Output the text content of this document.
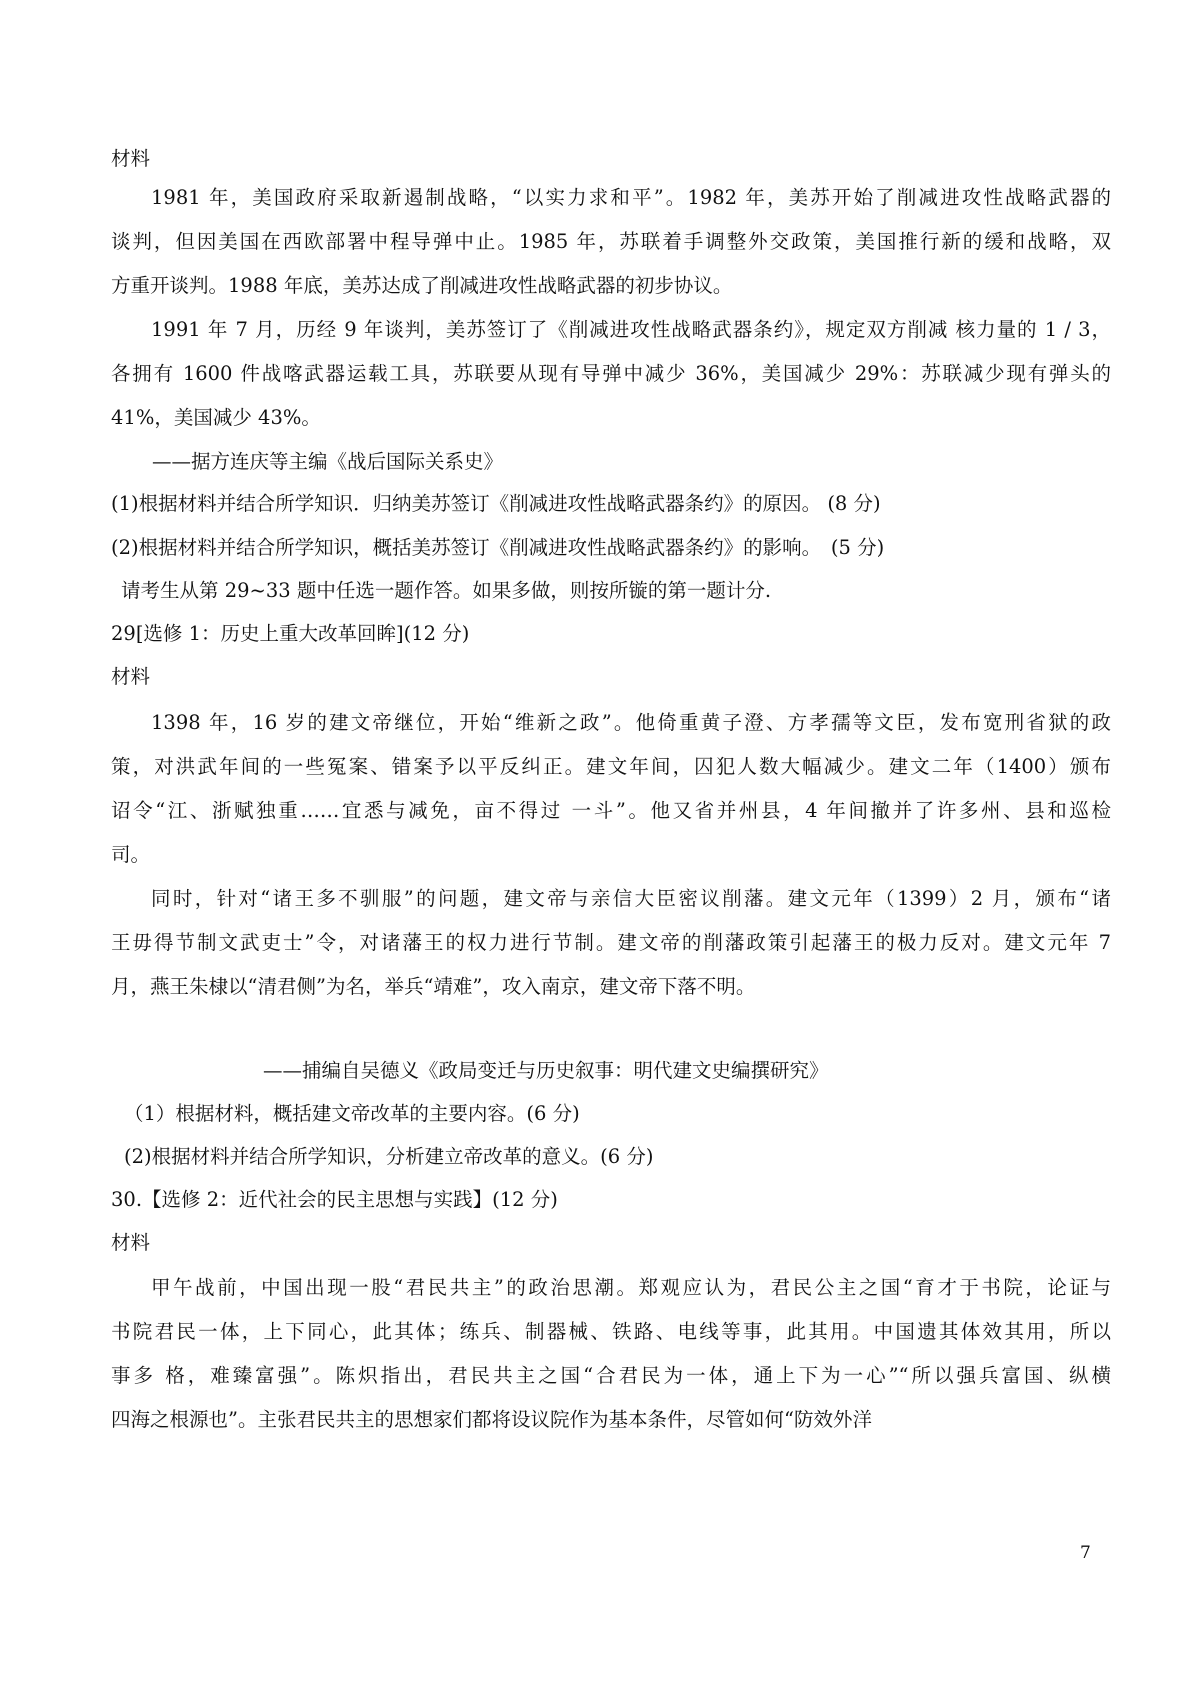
材料
1981 年，美国政府采取新遏制战略，“以实力求和平”。1982 年，美苏开始了削减进攻性战略武器的
谈判，但因美国在西欧部署中程导弹中止。1985 年，苏联着手调整外交政策，美国推行新的缓和战略，双
方重开谈判。1988 年底，美苏达成了削减进攻性战略武器的初步协议。
1991 年 7 月，历经 9 年谈判，美苏签订了《削减进攻性战略武器条约》，规定双方削减 核力量的 1 / 3，
各拥有 1600 件战喀武器运载工具，苏联要从现有导弹中减少 36%，美国减少 29%：苏联减少现有弹头的
41%，美国减少 43%。
——据方连庆等主编《战后国际关系史》
(1)根据材料并结合所学知识．归纳美苏签订《削减进攻性战略武器条约》的原因。 (8 分)
(2)根据材料并结合所学知识，概括美苏签订《削减进攻性战略武器条约》的影响。　(5 分)
请考生从第 29~33 题中任选一题作答。如果多做，则按所镟的第一题计分.
29[选修 1：历史上重大改革回眸](12 分)
材料
1398 年，16 岁的建文帝继位，开始“维新之政”。他倚重黄子澄、方孝孺等文臣，发布宽刑省狱的政
策，对洪武年间的一些冤案、错案予以平反纠正。建文年间，囚犯人数大幅减少。建文二年（1400）颁布
诏令“江、浙赋独重……宜悉与减免，亩不得过 一斗”。他又省并州县，4 年间撤并了许多州、县和巡检
司。
同时，针对“诸王多不驯服”的问题，建文帝与亲信大臣密议削藩。建文元年（1399）2 月，颁布“诸
王毋得节制文武吏士”令，对诸藩王的权力进行节制。建文帝的削藩政策引起藩王的极力反对。建文元年 7
月，燕王朱棣以“清君侧”为名，举兵“靖难”，攻入南京，建文帝下落不明。
——捕编自吴德义《政局变迁与历史叙事：明代建文史编撰研究》
（1）根据材料，概括建文帝改革的主要内容。(6 分)
(2)根据材料并结合所学知识，分析建立帝改革的意义。(6 分)
30.【选修 2：近代社会的民主思想与实践】(12 分)
材料
甲午战前，中国出现一股“君民共主”的政治思潮。郑观应认为，君民公主之国“育才于书院，论证与
书院君民一体，上下同心，此其体；练兵、制器械、铁路、电线等事，此其用。中国遗其体效其用，所以
事多 格，难臻富强”。陈炽指出，君民共主之国“合君民为一体，通上下为一心”“所以强兵富国、纵横
四海之根源也”。主张君民共主的思想家们都将设议院作为基本条件，尽管如何“防效外洋
7
